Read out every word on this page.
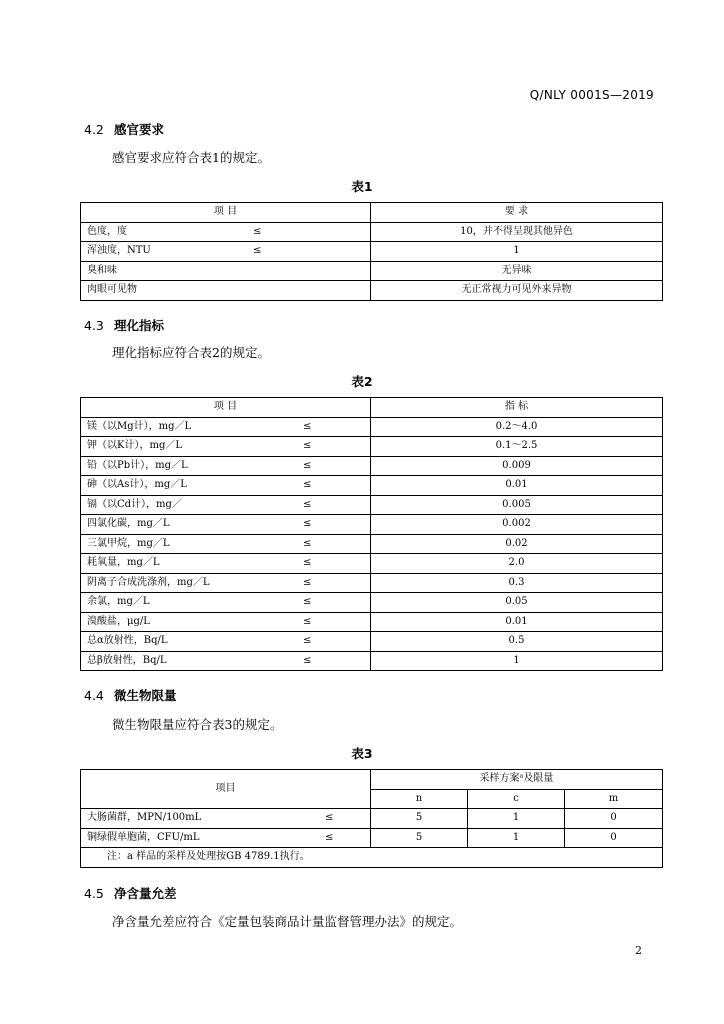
Q/NLY 0001S—2019
4.2 感官要求
感官要求应符合表1的规定。
表1
项 目	要 求
色度，度 ≤	10，并不得呈现其他异色
浑浊度，NTU ≤	1
臭和味	无异味
肉眼可见物	无正常视力可见外来异物
4.3 理化指标
理化指标应符合表2的规定。
表2
项 目	指 标
镁（以Mg计），mg／L ≤	0.2～4.0
钾（以K计），mg／L ≤	0.1～2.5
铅（以Pb计），mg／L ≤	0.009
砷（以As计），mg／L ≤	0.01
镉（以Cd计），mg／ ≤	0.005
四氯化碳，mg／L ≤	0.002
三氯甲烷，mg／L ≤	0.02
耗氧量，mg／L ≤	2.0
阴离子合成洗涤剂，mg／L ≤	0.3
余氯，mg／L ≤	0.05
溴酸盐，μg/L ≤	0.01
总α放射性，Bq/L ≤	0.5
总β放射性，Bq/L ≤	1
4.4 微生物限量
微生物限量应符合表3的规定。
表3
项目	采样方案ᵃ及限量		
	n	c	m
大肠菌群，MPN/100mL ≤	5	1	0
铜绿假单胞菌，CFU/mL ≤	5	1	0
注：a 样品的采样及处理按GB 4789.1执行。			
4.5 净含量允差
净含量允差应符合《定量包装商品计量监督管理办法》的规定。
2
